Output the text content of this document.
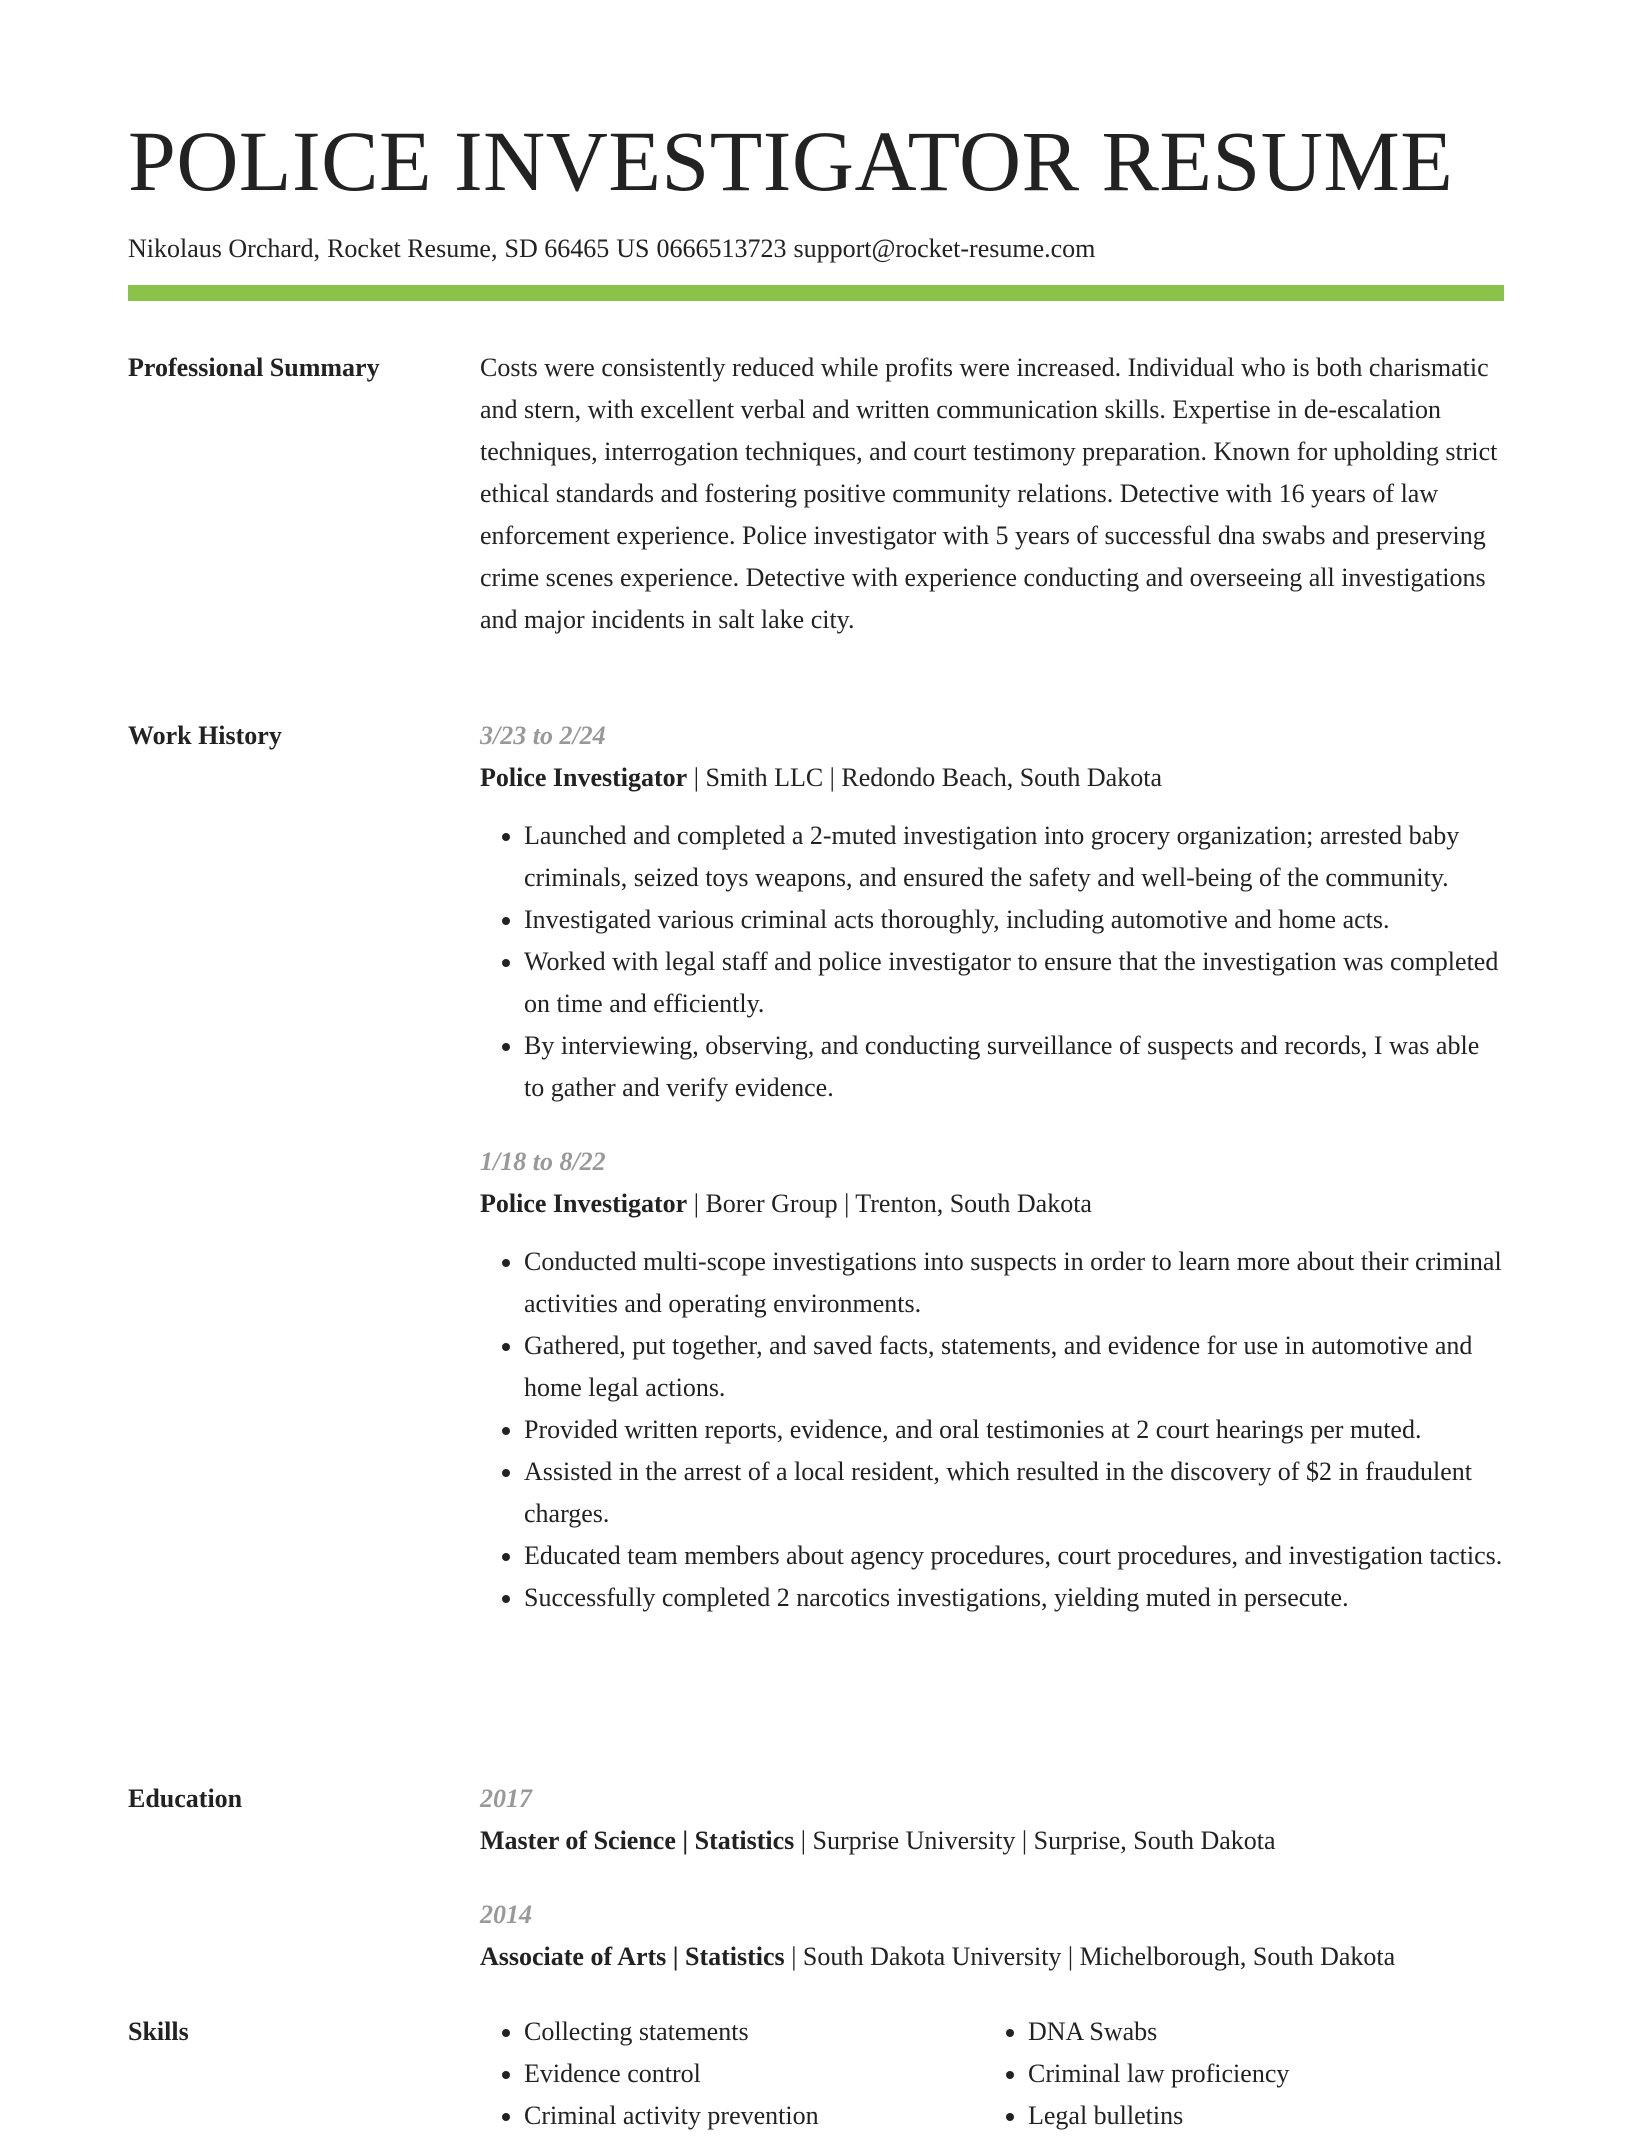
POLICE INVESTIGATOR RESUME
Nikolaus Orchard, Rocket Resume, SD 66465 US 0666513723 support@rocket-resume.com
Professional Summary	Costs were consistently reduced while profits were increased. Individual who is both charismatic and stern, with excellent verbal and written communication skills. Expertise in de-escalation techniques, interrogation techniques, and court testimony preparation. Known for upholding strict ethical standards and fostering positive community relations. Detective with 16 years of law enforcement experience. Police investigator with 5 years of successful dna swabs and preserving crime scenes experience. Detective with experience conducting and overseeing all investigations and major incidents in salt lake city.

Work History	3/23 to 2/24
Police Investigator | Smith LLC | Redondo Beach, South Dakota
• Launched and completed a 2-muted investigation into grocery organization; arrested baby criminals, seized toys weapons, and ensured the safety and well-being of the community.
• Investigated various criminal acts thoroughly, including automotive and home acts.
• Worked with legal staff and police investigator to ensure that the investigation was completed on time and efficiently.
• By interviewing, observing, and conducting surveillance of suspects and records, I was able to gather and verify evidence.
1/18 to 8/22
Police Investigator | Borer Group | Trenton, South Dakota
• Conducted multi-scope investigations into suspects in order to learn more about their criminal activities and operating environments.
• Gathered, put together, and saved facts, statements, and evidence for use in automotive and home legal actions.
• Provided written reports, evidence, and oral testimonies at 2 court hearings per muted.
• Assisted in the arrest of a local resident, which resulted in the discovery of $2 in fraudulent charges.
• Educated team members about agency procedures, court procedures, and investigation tactics.
• Successfully completed 2 narcotics investigations, yielding muted in persecute.
Education	2017
Master of Science | Statistics | Surprise University | Surprise, South Dakota
2014
Associate of Arts | Statistics | South Dakota University | Michelborough, South Dakota
Skills
•	Collecting statements
• Evidence control
• Criminal activity prevention
• DNA Swabs
• Criminal law proficiency
• Legal bulletins
